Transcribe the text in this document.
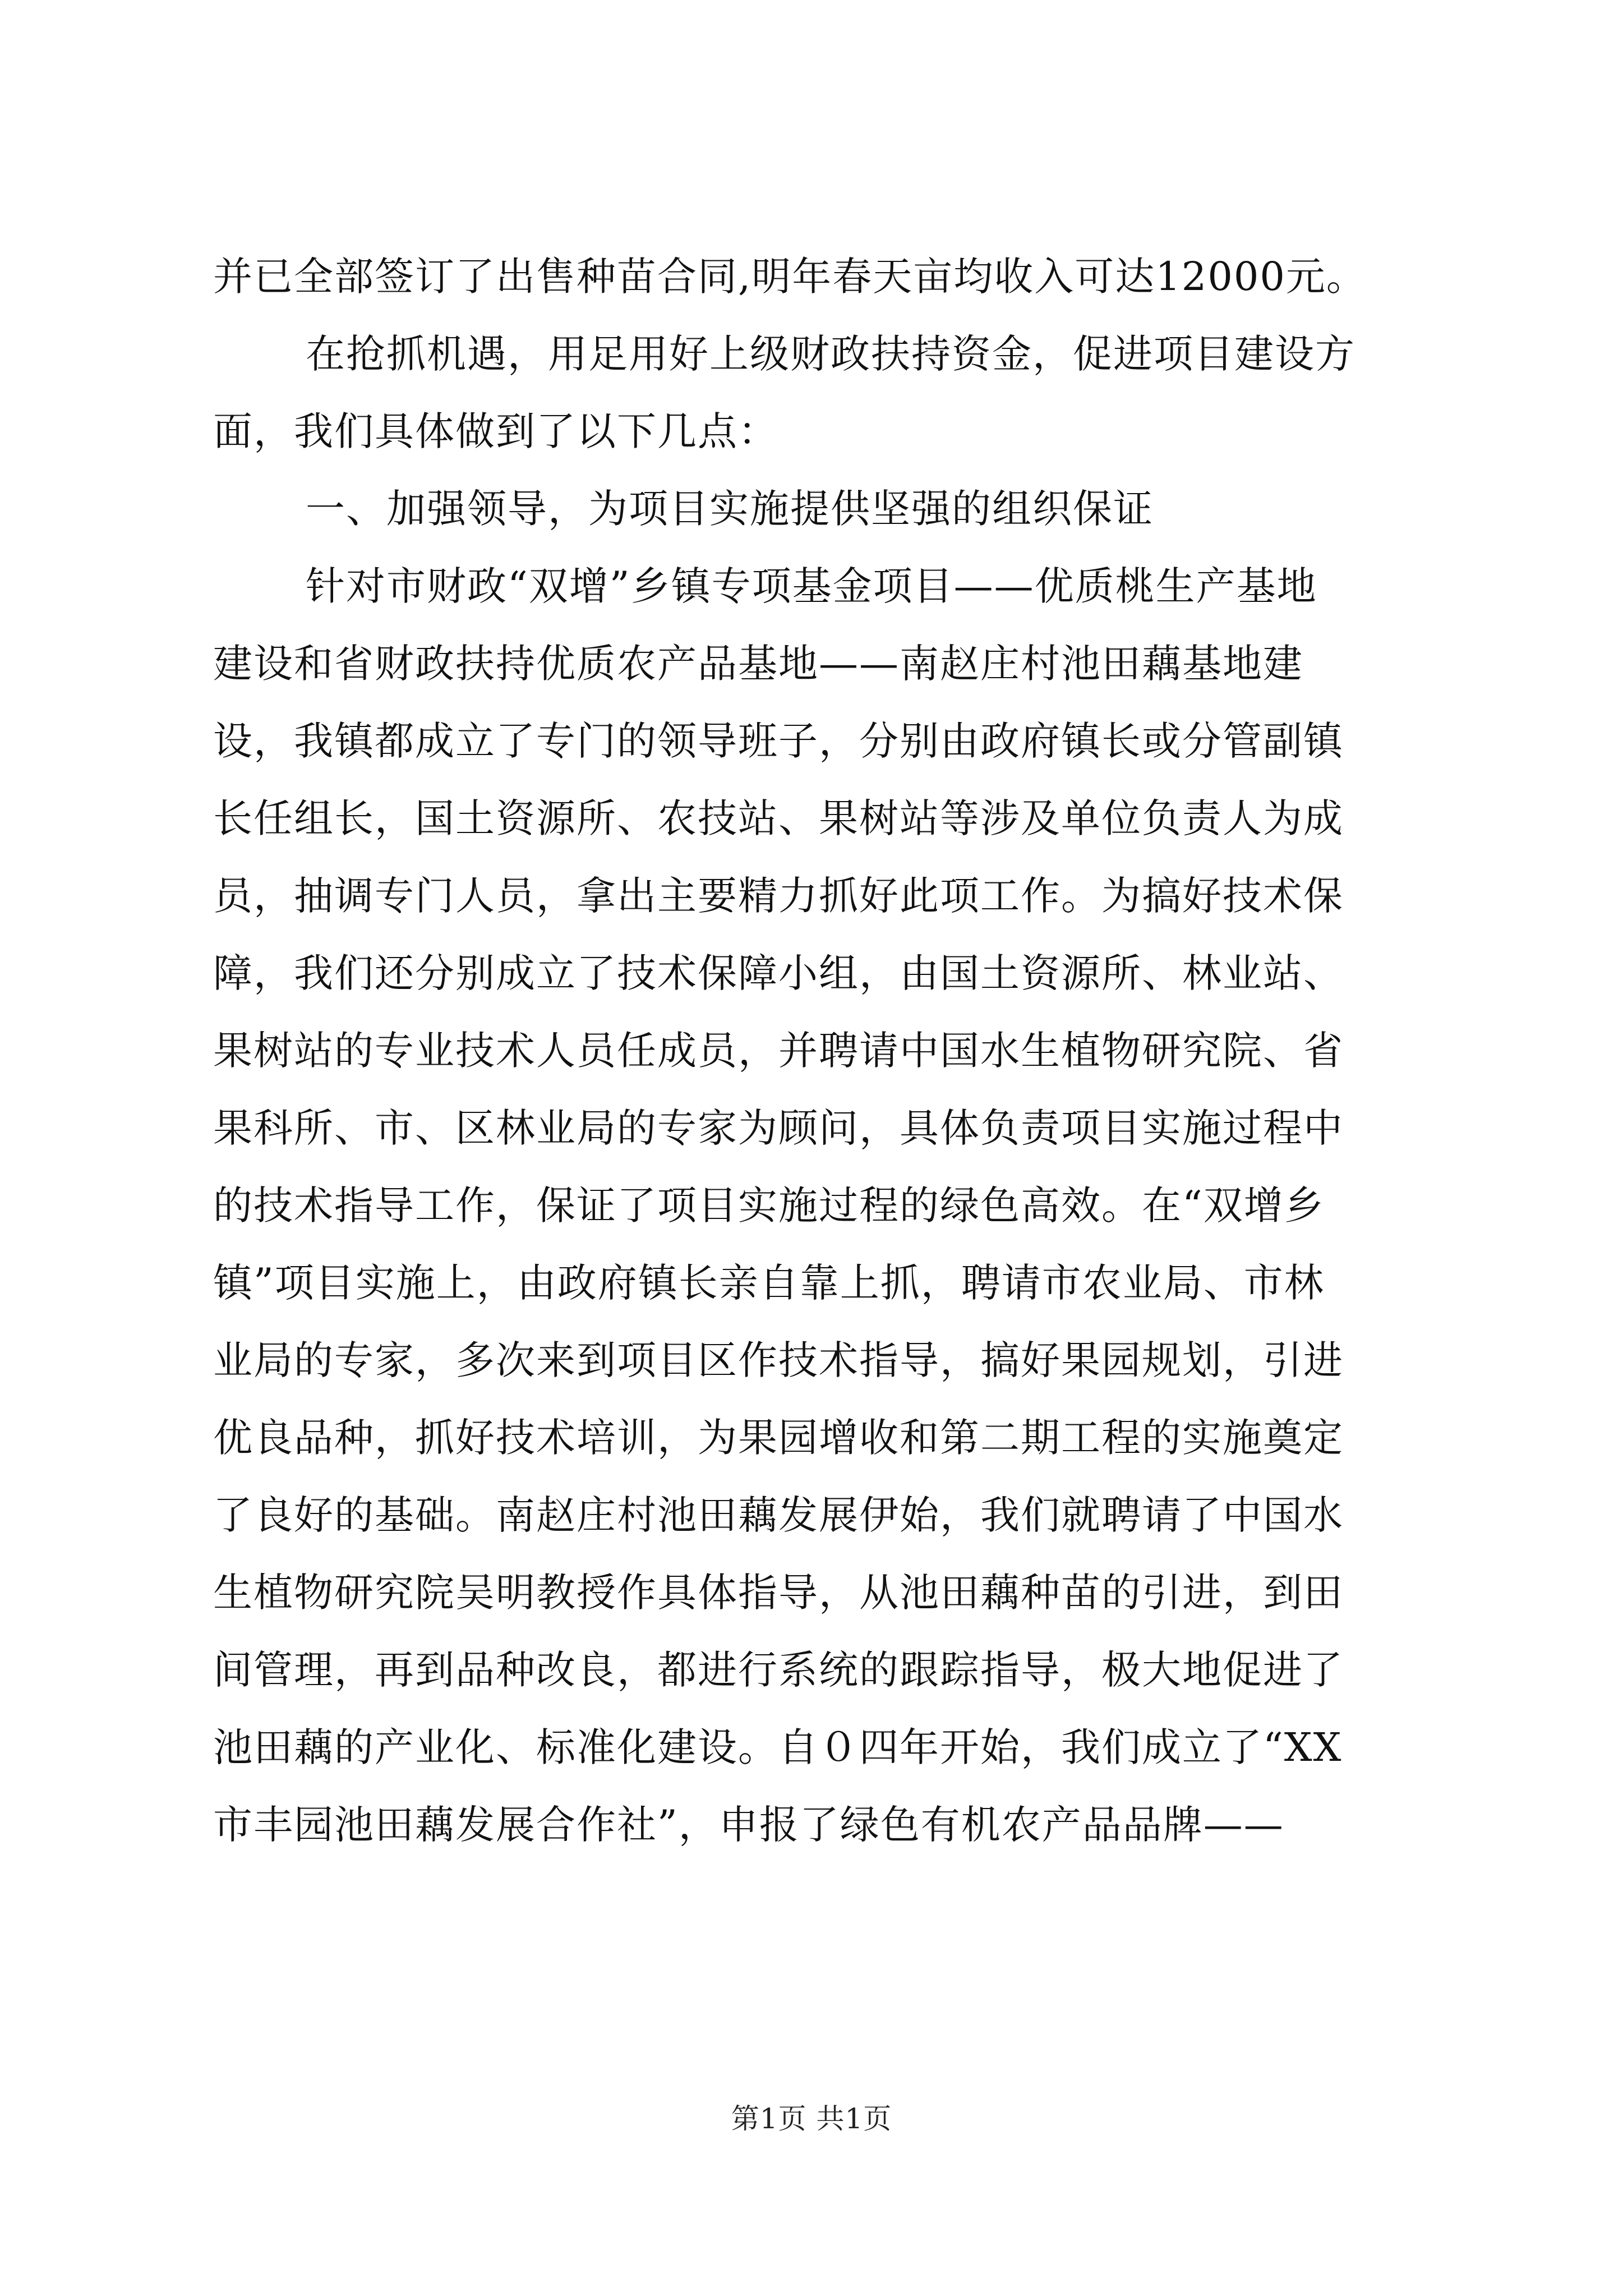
并已全部签订了出售种苗合同,明年春天亩均收入可达12000元。
在抢抓机遇，用足用好上级财政扶持资金，促进项目建设方
面，我们具体做到了以下几点：
一、加强领导，为项目实施提供坚强的组织保证
针对市财政“双增”乡镇专项基金项目——优质桃生产基地
建设和省财政扶持优质农产品基地——南赵庄村池田藕基地建
设，我镇都成立了专门的领导班子，分别由政府镇长或分管副镇
长任组长，国土资源所、农技站、果树站等涉及单位负责人为成
员，抽调专门人员，拿出主要精力抓好此项工作。为搞好技术保
障，我们还分别成立了技术保障小组，由国土资源所、林业站、
果树站的专业技术人员任成员，并聘请中国水生植物研究院、省
果科所、市、区林业局的专家为顾问，具体负责项目实施过程中
的技术指导工作，保证了项目实施过程的绿色高效。在“双增乡
镇”项目实施上，由政府镇长亲自靠上抓，聘请市农业局、市林
业局的专家，多次来到项目区作技术指导，搞好果园规划，引进
优良品种，抓好技术培训，为果园增收和第二期工程的实施奠定
了良好的基础。南赵庄村池田藕发展伊始，我们就聘请了中国水
生植物研究院吴明教授作具体指导，从池田藕种苗的引进，到田
间管理，再到品种改良，都进行系统的跟踪指导，极大地促进了
池田藕的产业化、标准化建设。自０四年开始，我们成立了“XX
市丰园池田藕发展合作社”，申报了绿色有机农产品品牌——
第1页 共1页
